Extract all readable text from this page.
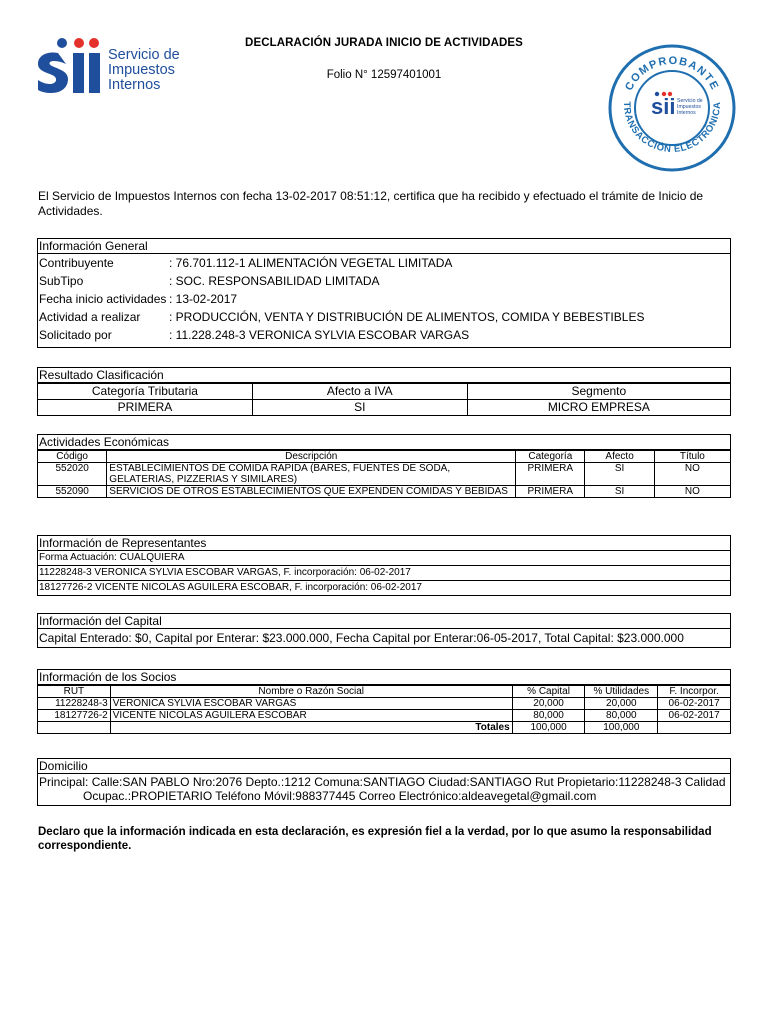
Servicio de
Impuestos
Internos
DECLARACIÓN JURADA INICIO DE ACTIVIDADES
Folio N° 12597401001
COMPROBANTE
TRANSACCIÓN ELECTRÓNICA
sii Servicio de
Impuestos
Internos
El Servicio de Impuestos Internos con fecha 13-02-2017 08:51:12, certifica que ha recibido y efectuado el trámite de Inicio de Actividades.
Información General
Contribuyente	: 76.701.112-1 ALIMENTACIÓN VEGETAL LIMITADA
SubTipo	: SOC. RESPONSABILIDAD LIMITADA
Fecha inicio actividades : 13-02-2017
Actividad a realizar	: PRODUCCIÓN, VENTA Y DISTRIBUCIÓN DE ALIMENTOS, COMIDA Y BEBESTIBLES
Solicitado por	: 11.228.248-3 VERONICA SYLVIA ESCOBAR VARGAS
Resultado Clasificación
Categoría Tributaria	Afecto a IVA	Segmento
PRIMERA	SI	MICRO EMPRESA
Actividades Económicas
Código	Descripción	Categoría	Afecto	Título
552020	ESTABLECIMIENTOS DE COMIDA RAPIDA (BARES, FUENTES DE SODA, GELATERIAS, PIZZERIAS Y SIMILARES)	PRIMERA	SI	NO
552090	SERVICIOS DE OTROS ESTABLECIMIENTOS QUE EXPENDEN COMIDAS Y BEBIDAS	PRIMERA	SI	NO
Información de Representantes
Forma Actuación: CUALQUIERA
11228248-3 VERONICA SYLVIA ESCOBAR VARGAS, F. incorporación: 06-02-2017
18127726-2 VICENTE NICOLAS AGUILERA ESCOBAR, F. incorporación: 06-02-2017
Información del Capital
Capital Enterado: $0, Capital por Enterar: $23.000.000, Fecha Capital por Enterar:06-05-2017, Total Capital: $23.000.000
Información de los Socios
RUT	Nombre o Razón Social	% Capital	% Utilidades	F. Incorpor.
11228248-3	VERONICA SYLVIA ESCOBAR VARGAS	20,000	20,000	06-02-2017
18127726-2	VICENTE NICOLAS AGUILERA ESCOBAR	80,000	80,000	06-02-2017
	Totales	100,000	100,000	
Domicilio
Principal: Calle:SAN PABLO Nro:2076 Depto.:1212 Comuna:SANTIAGO Ciudad:SANTIAGO Rut Propietario:11228248-3 Calidad
Ocupac.:PROPIETARIO Teléfono Móvil:988377445 Correo Electrónico:aldeavegetal@gmail.com
Declaro que la información indicada en esta declaración, es expresión fiel a la verdad, por lo que asumo la responsabilidad correspondiente.
